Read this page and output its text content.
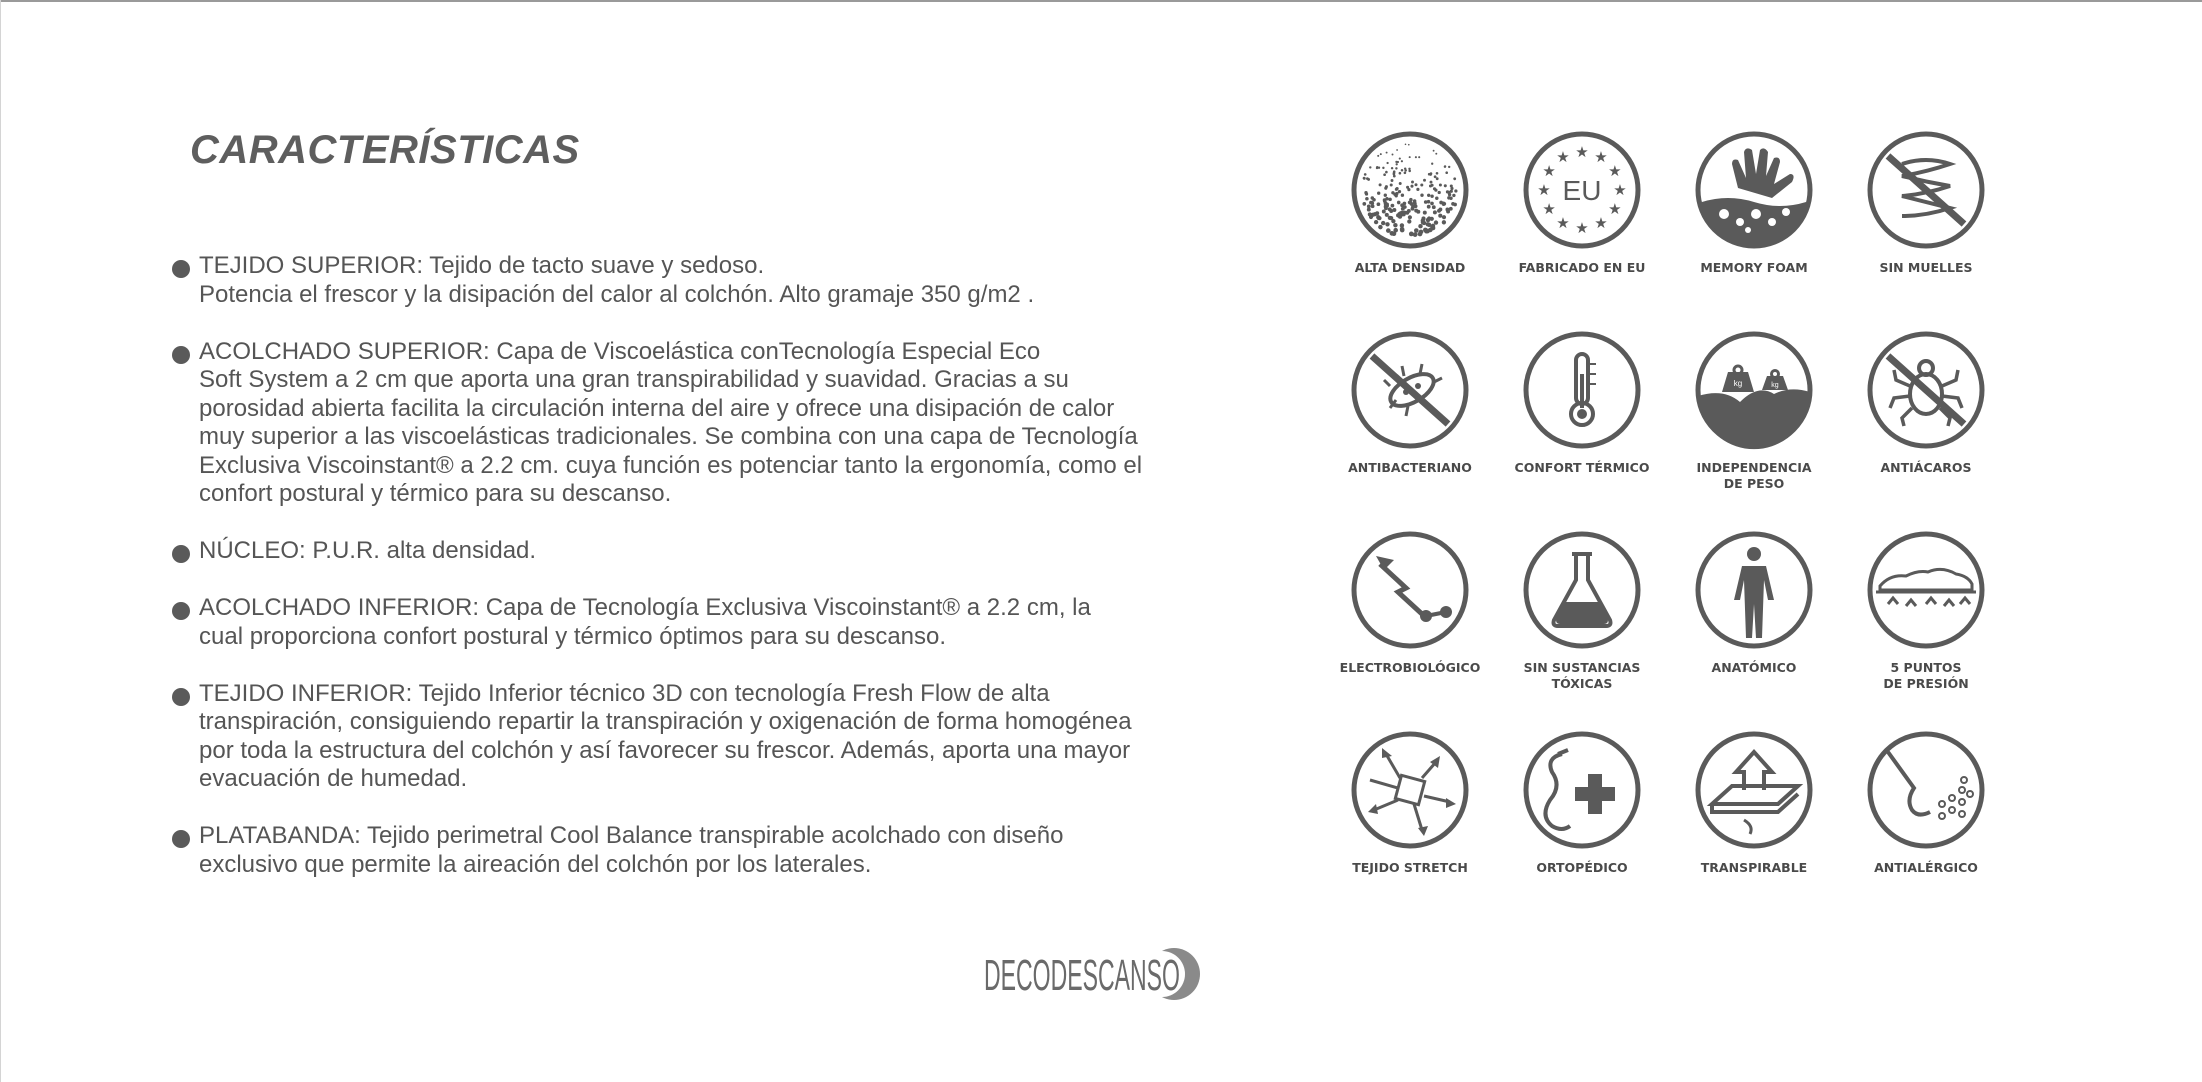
CARACTERÍSTICAS

TEJIDO SUPERIOR: Tejido de tacto suave y sedoso.
Potencia el frescor y la disipación del calor al colchón. Alto gramaje 350 g/m2 .

ACOLCHADO SUPERIOR: Capa de Viscoelástica conTecnología Especial Eco
Soft System a 2 cm que aporta una gran transpirabilidad y suavidad. Gracias a su
porosidad abierta facilita la circulación interna del aire y ofrece una disipación de calor
muy superior a las viscoelásticas tradicionales. Se combina con una capa de Tecnología
Exclusiva Viscoinstant® a 2.2 cm. cuya función es potenciar tanto la ergonomía, como el
confort postural y térmico para su descanso.

NÚCLEO: P.U.R. alta densidad.

ACOLCHADO INFERIOR: Capa de Tecnología Exclusiva Viscoinstant® a 2.2 cm, la
cual proporciona confort postural y térmico óptimos para su descanso.

TEJIDO INFERIOR: Tejido Inferior técnico 3D con tecnología Fresh Flow de alta
transpiración, consiguiendo repartir la transpiración y oxigenación de forma homogénea
por toda la estructura del colchón y así favorecer su frescor. Además, aporta una mayor
evacuación de humedad.

PLATABANDA: Tejido perimetral Cool Balance transpirable acolchado con diseño
exclusivo que permite la aireación del colchón por los laterales.

ALTA DENSIDAD
★
★
★
★
★
★
★
★
★ ★ ★
★
EU
FABRICADO EN EU	MEMORY FOAM	SIN MUELLES
ANTIBACTERIANO	CONFORT TÉRMICO
kg	kg
INDEPENDENCIA
DE PESO
ANTIÁCAROS
ELECTROBIOLÓGICO	SIN SUSTANCIAS
TÓXICAS
ANATÓMICO	5 PUNTOS
DE PRESIÓN
TEJIDO STRETCH	ORTOPÉDICO	TRANSPIRABLE	ANTIALÉRGICO
DECODESCANSO
